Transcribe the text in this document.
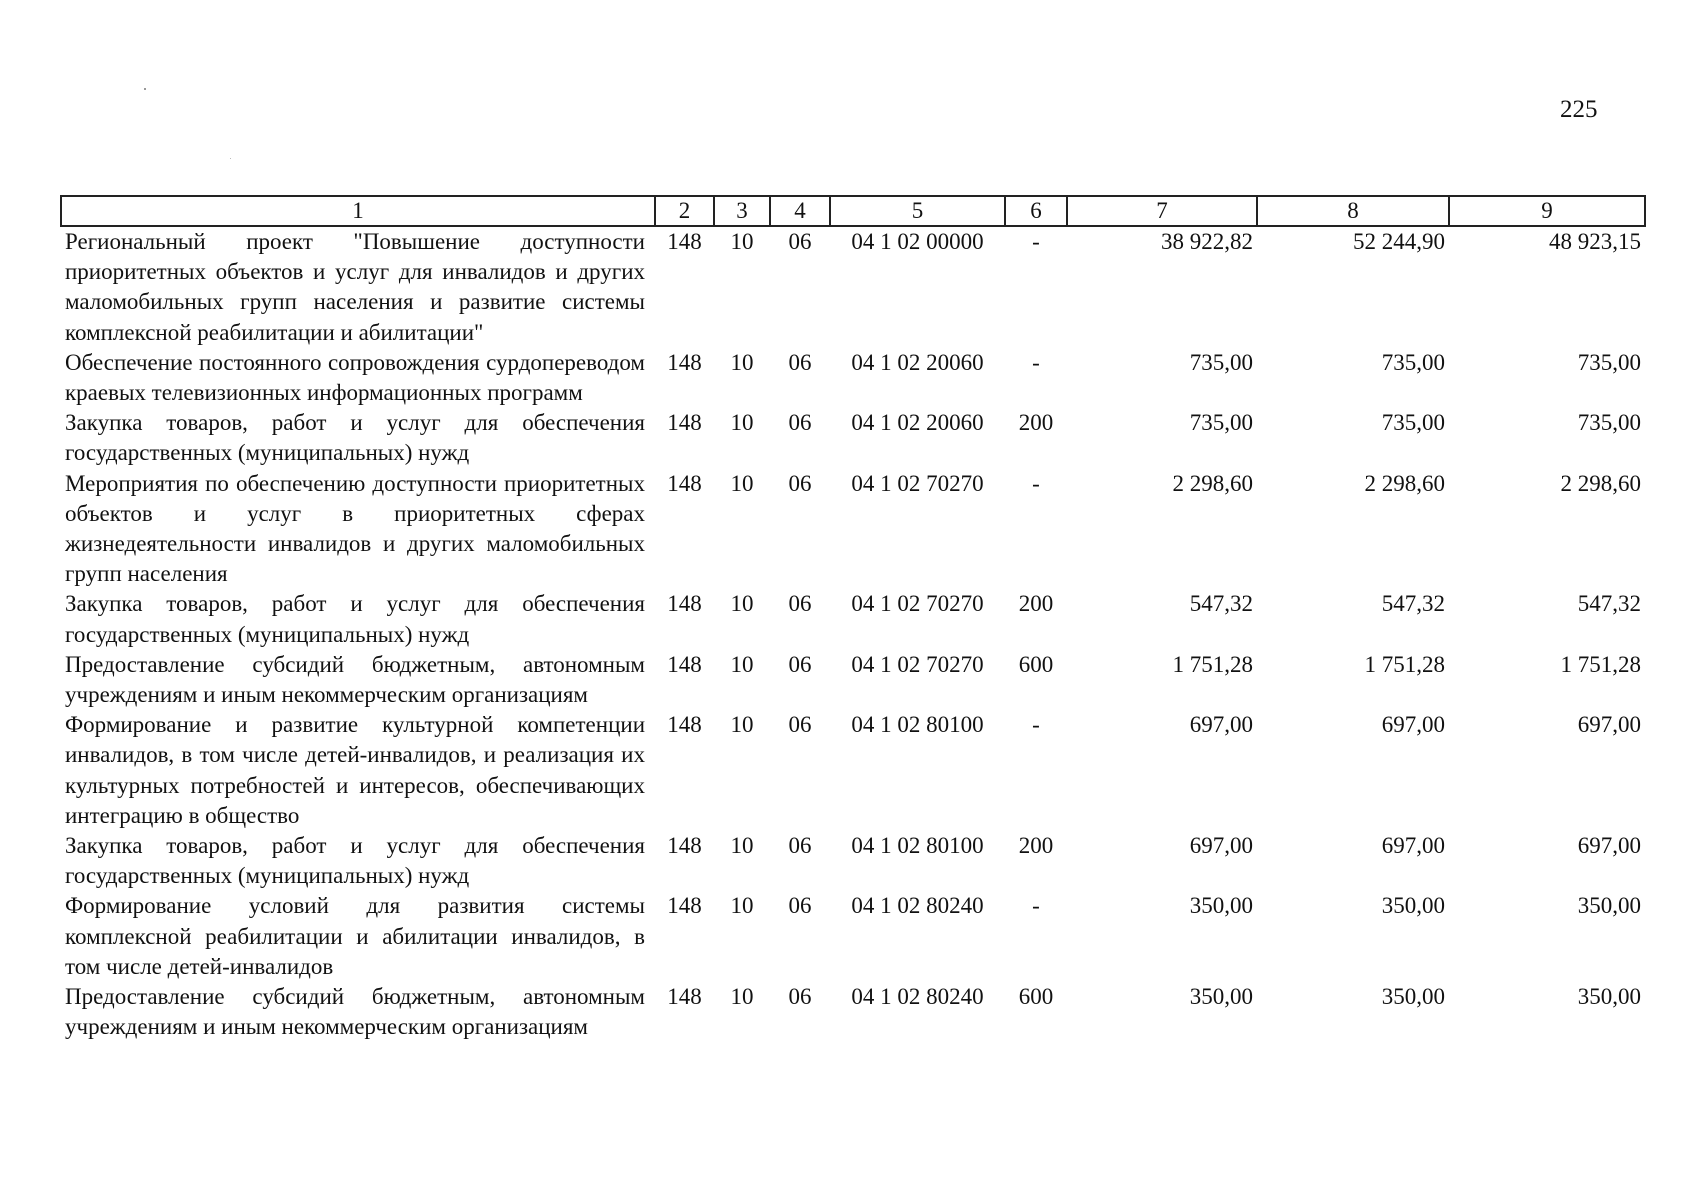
225
1	2	3	4	5	6	7	8	9
Региональный проект "Повышение доступности приоритетных объектов и услуг для инвалидов и других маломобильных групп населения и развитие системы комплексной реабилитации и абилитации"	148	10	06	04 1 02 00000	-	38 922,82	52 244,90	48 923,15
Обеспечение постоянного сопровождения сурдопереводом краевых телевизионных информационных программ	148	10	06	04 1 02 20060	-	735,00	735,00	735,00
Закупка товаров, работ и услуг для обеспечения государственных (муниципальных) нужд	148	10	06	04 1 02 20060	200	735,00	735,00	735,00
Мероприятия по обеспечению доступности приоритетных объектов и услуг в приоритетных сферах жизнедеятельности инвалидов и других маломобильных групп населения	148	10	06	04 1 02 70270	-	2 298,60	2 298,60	2 298,60
Закупка товаров, работ и услуг для обеспечения государственных (муниципальных) нужд	148	10	06	04 1 02 70270	200	547,32	547,32	547,32
Предоставление субсидий бюджетным, автономным учреждениям и иным некоммерческим организациям	148	10	06	04 1 02 70270	600	1 751,28	1 751,28	1 751,28
Формирование и развитие культурной компетенции инвалидов, в том числе детей-инвалидов, и реализация их культурных потребностей и интересов, обеспечивающих интеграцию в общество	148	10	06	04 1 02 80100	-	697,00	697,00	697,00
Закупка товаров, работ и услуг для обеспечения государственных (муниципальных) нужд	148	10	06	04 1 02 80100	200	697,00	697,00	697,00
Формирование условий для развития системы комплексной реабилитации и абилитации инвалидов, в том числе детей-инвалидов	148	10	06	04 1 02 80240	-	350,00	350,00	350,00
Предоставление субсидий бюджетным, автономным учреждениям и иным некоммерческим организациям	148	10	06	04 1 02 80240	600	350,00	350,00	350,00
